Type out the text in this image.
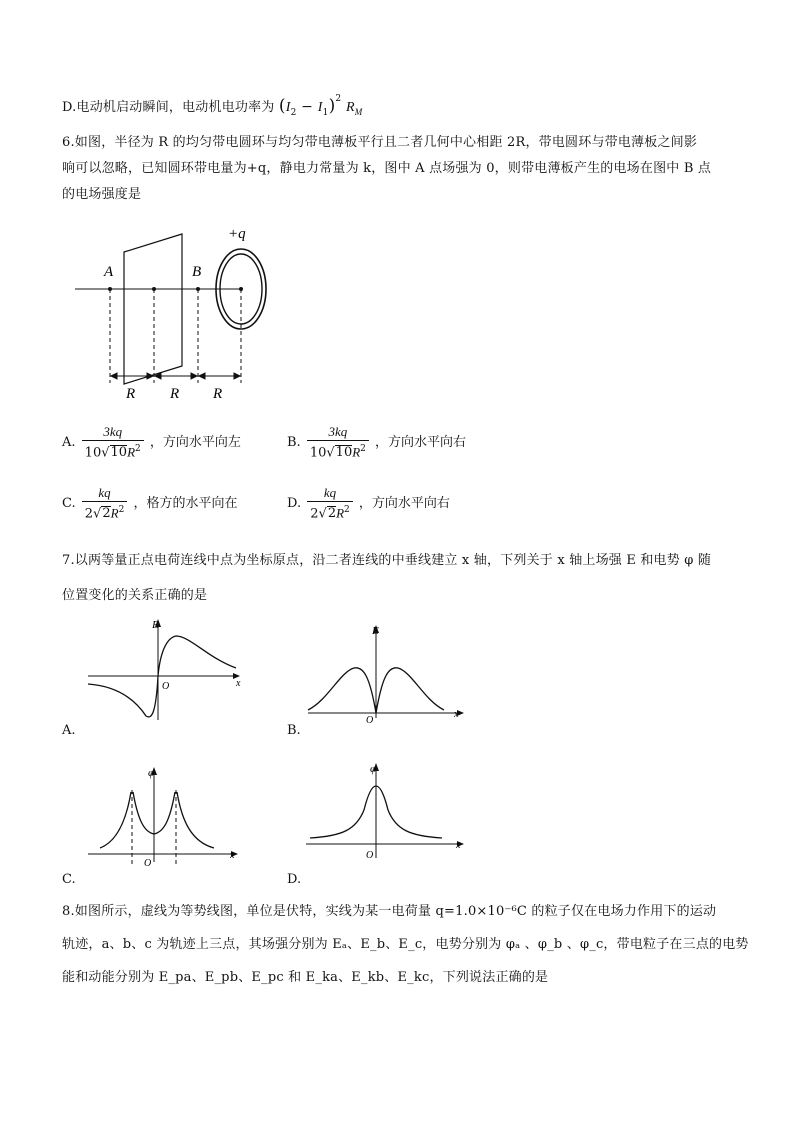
D.电动机启动瞬间，电动机电功率为 $(I_2 - I_1)^2$ $R_M$
6.如图，半径为 R 的均匀带电圆环与均匀带电薄板平行且二者几何中心相距 2R，带电圆环与带电薄板之间影
响可以忽略，已知圆环带电量为+q，静电力常量为 k，图中 A 点场强为 0，则带电薄板产生的电场在图中 B 点
的电场强度是
+q
A	B
R R R
A. $\frac{3kq}{10√10R^2}$ ，方向水平向左	B. $\frac{3kq}{10√10R^2}$ ，方向水平向右
C. $\frac{kq}{2√2R^2}$ ，格方的水平向在	D. $\frac{kq}{2√2R^2}$ ，方向水平向右
7.以两等量正点电荷连线中点为坐标原点，沿二者连线的中垂线建立 x 轴，下列关于 x 轴上场强 E 和电势 φ 随
位置变化的关系正确的是
E
x
O
A.
E
x
O
B.
φ
x
O
C.
φ
x
O
D.
8.如图所示，虚线为等势线图，单位是伏特，实线为某一电荷量 q=1.0×10⁻⁶C 的粒子仅在电场力作用下的运动
轨迹，a、b、c 为轨迹上三点，其场强分别为 Eₐ、E_b、E_c，电势分别为 φₐ 、φ_b 、φ_c，带电粒子在三点的电势
能和动能分别为 E_pa、E_pb、E_pc 和 E_ka、E_kb、E_kc，下列说法正确的是
